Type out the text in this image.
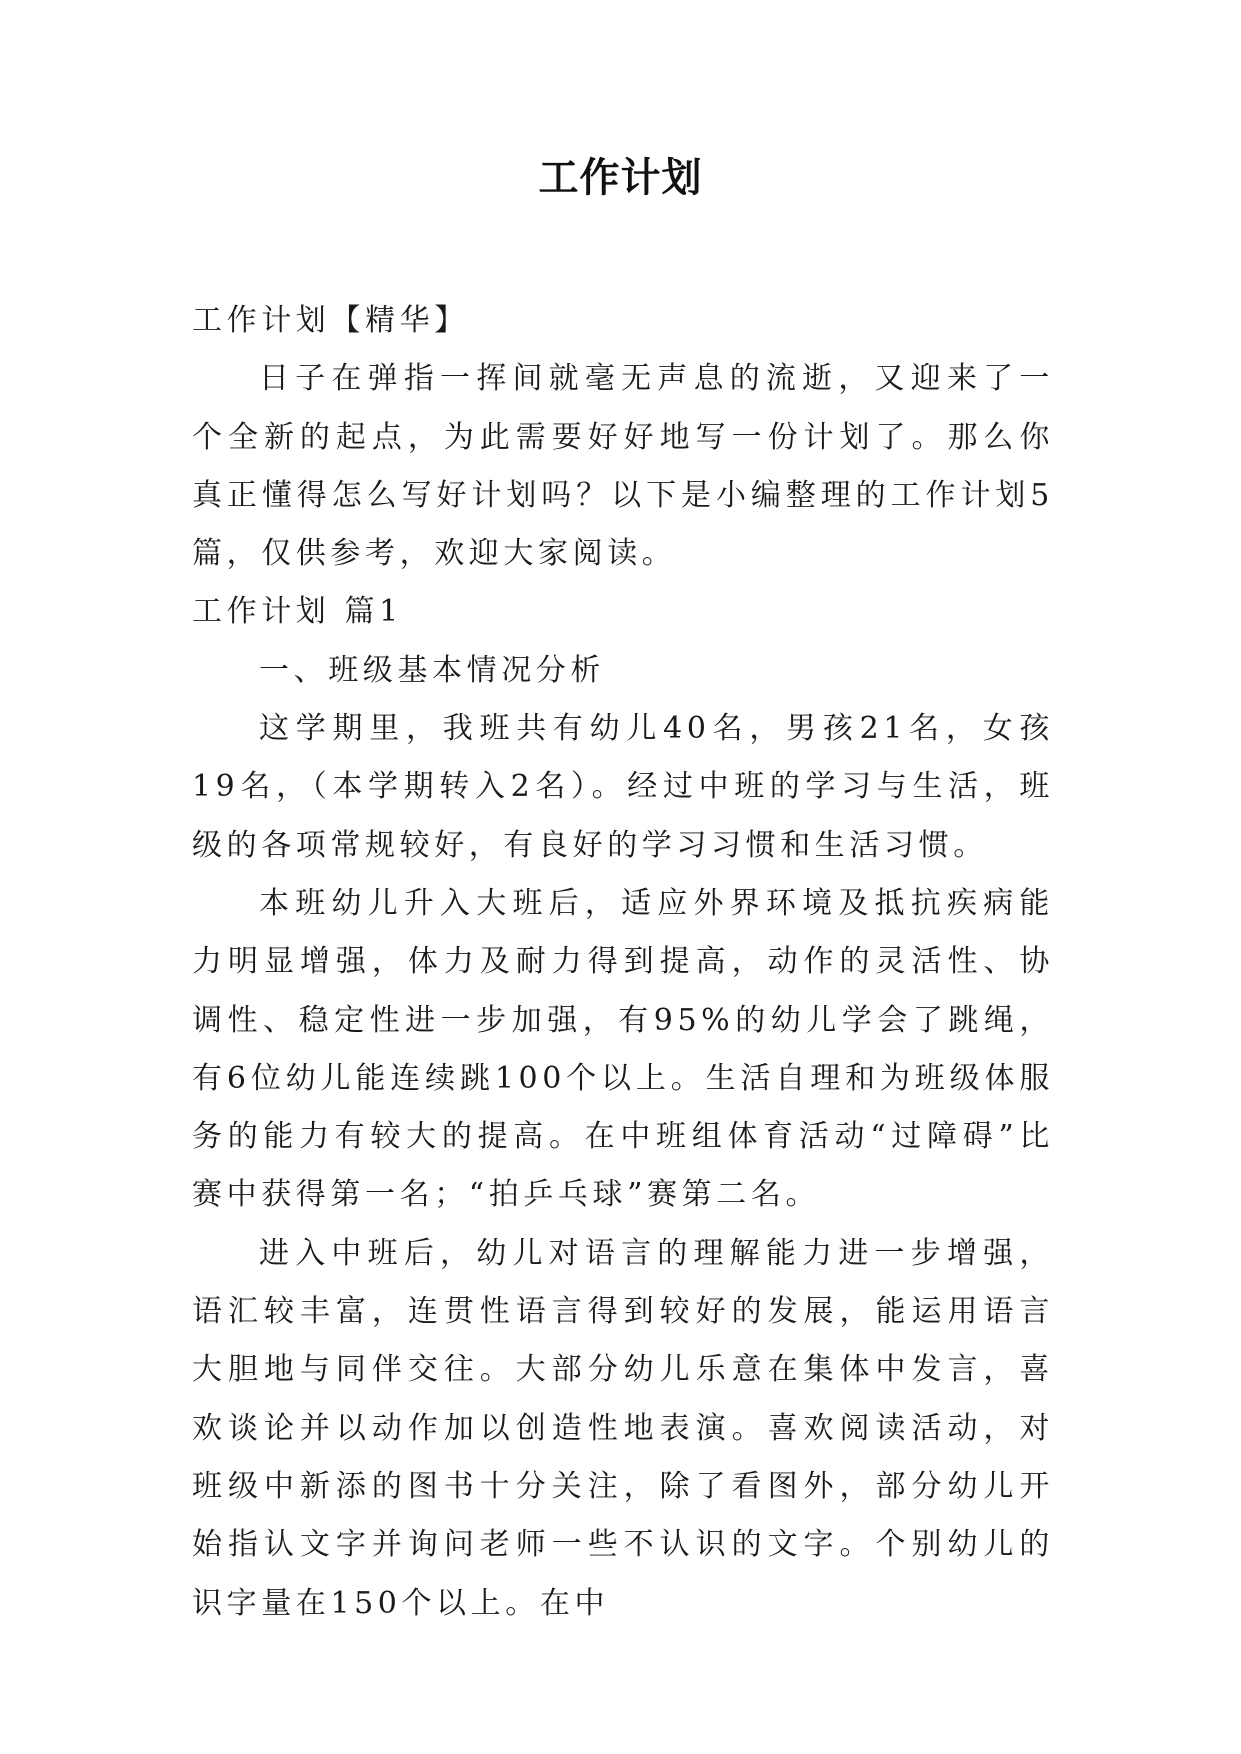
工作计划

工作计划【精华】

日子在弹指一挥间就毫无声息的流逝，又迎来了一个全新的起点，为此需要好好地写一份计划了。那么你真正懂得怎么写好计划吗？以下是小编整理的工作计划5篇，仅供参考，欢迎大家阅读。

工作计划 篇1

一、班级基本情况分析

这学期里，我班共有幼儿40名，男孩21名，女孩19名，（本学期转入2名）。经过中班的学习与生活，班级的各项常规较好，有良好的学习习惯和生活习惯。

本班幼儿升入大班后，适应外界环境及抵抗疾病能力明显增强，体力及耐力得到提高，动作的灵活性、协调性、稳定性进一步加强，有95%的幼儿学会了跳绳，有6位幼儿能连续跳100个以上。生活自理和为班级体服务的能力有较大的提高。在中班组体育活动“过障碍”比赛中获得第一名；“拍乒乓球”赛第二名。

进入中班后，幼儿对语言的理解能力进一步增强，语汇较丰富，连贯性语言得到较好的发展，能运用语言大胆地与同伴交往。大部分幼儿乐意在集体中发言，喜欢谈论并以动作加以创造性地表演。喜欢阅读活动，对班级中新添的图书十分关注，除了看图外，部分幼儿开始指认文字并询问老师一些不认识的文字。个别幼儿的识字量在150个以上。在中
